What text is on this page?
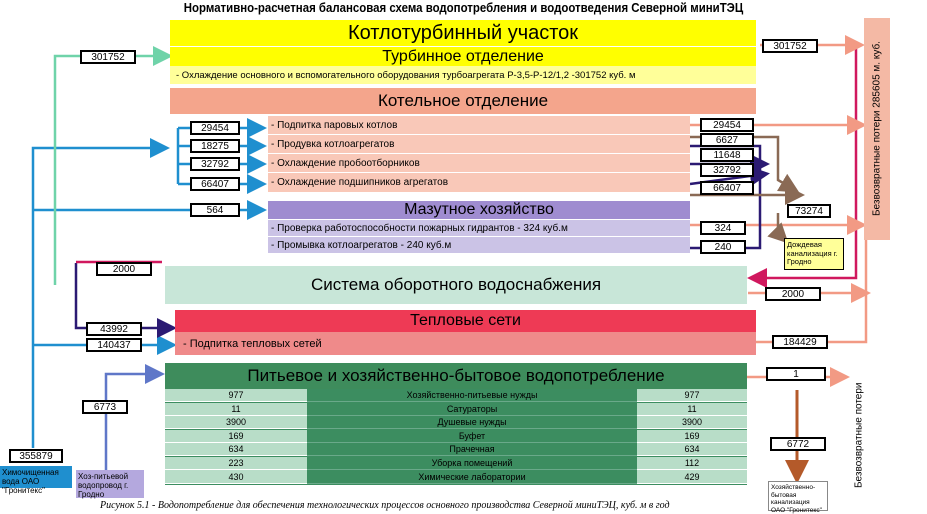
Нормативно-расчетная балансовая схема водопотребления и водоотведения Северной миниТЭЦ
Котлотурбинный участок
Турбинное отделение
- Охлаждение основного и вспомогательного оборудования турбоагрегата Р-3,5-Р-12/1,2 -301752 куб. м
Котельное отделение
- Подпитка паровых котлов
- Продувка котлоагрегатов
- Охлаждение пробоотборников
- Охлаждение подшипников агрегатов
Мазутное хозяйство
- Проверка работоспособности пожарных гидрантов - 324 куб.м
- Промывка котлоагрегатов - 240 куб.м
Система оборотного водоснабжения
Тепловые сети
- Подпитка тепловых сетей
Питьевое и хозяйственно-бытовое водопотребление
977	Хозяйственно-питьевые нужды	977
11	Сатураторы	11
3900	Душевые нужды	3900
169	Буфет	169
634	Прачечная	634
223	Уборка помещений	112
430	Химические лаборатории	429
301752
29454
18275
32792
66407
564
2000
43992
140437
6773
355879
Химочищенная вода ОАО "Гронитекс"
Хоз-питьевой водопровод г. Гродно
301752
29454
6627
11648
32792
66407
73274
324
240
2000
184429
1
6772
Дождевая канализация г. Гродно
Безвозвратные потери 285605 м. куб.
Безвозвратные потери
Хозяйственно-бытовая канализация ОАО "Гронитекс"
Рисунок 5.1 - Водопотребление для обеспечения технологических процессов основного производства Северной миниТЭЦ, куб. м в год
